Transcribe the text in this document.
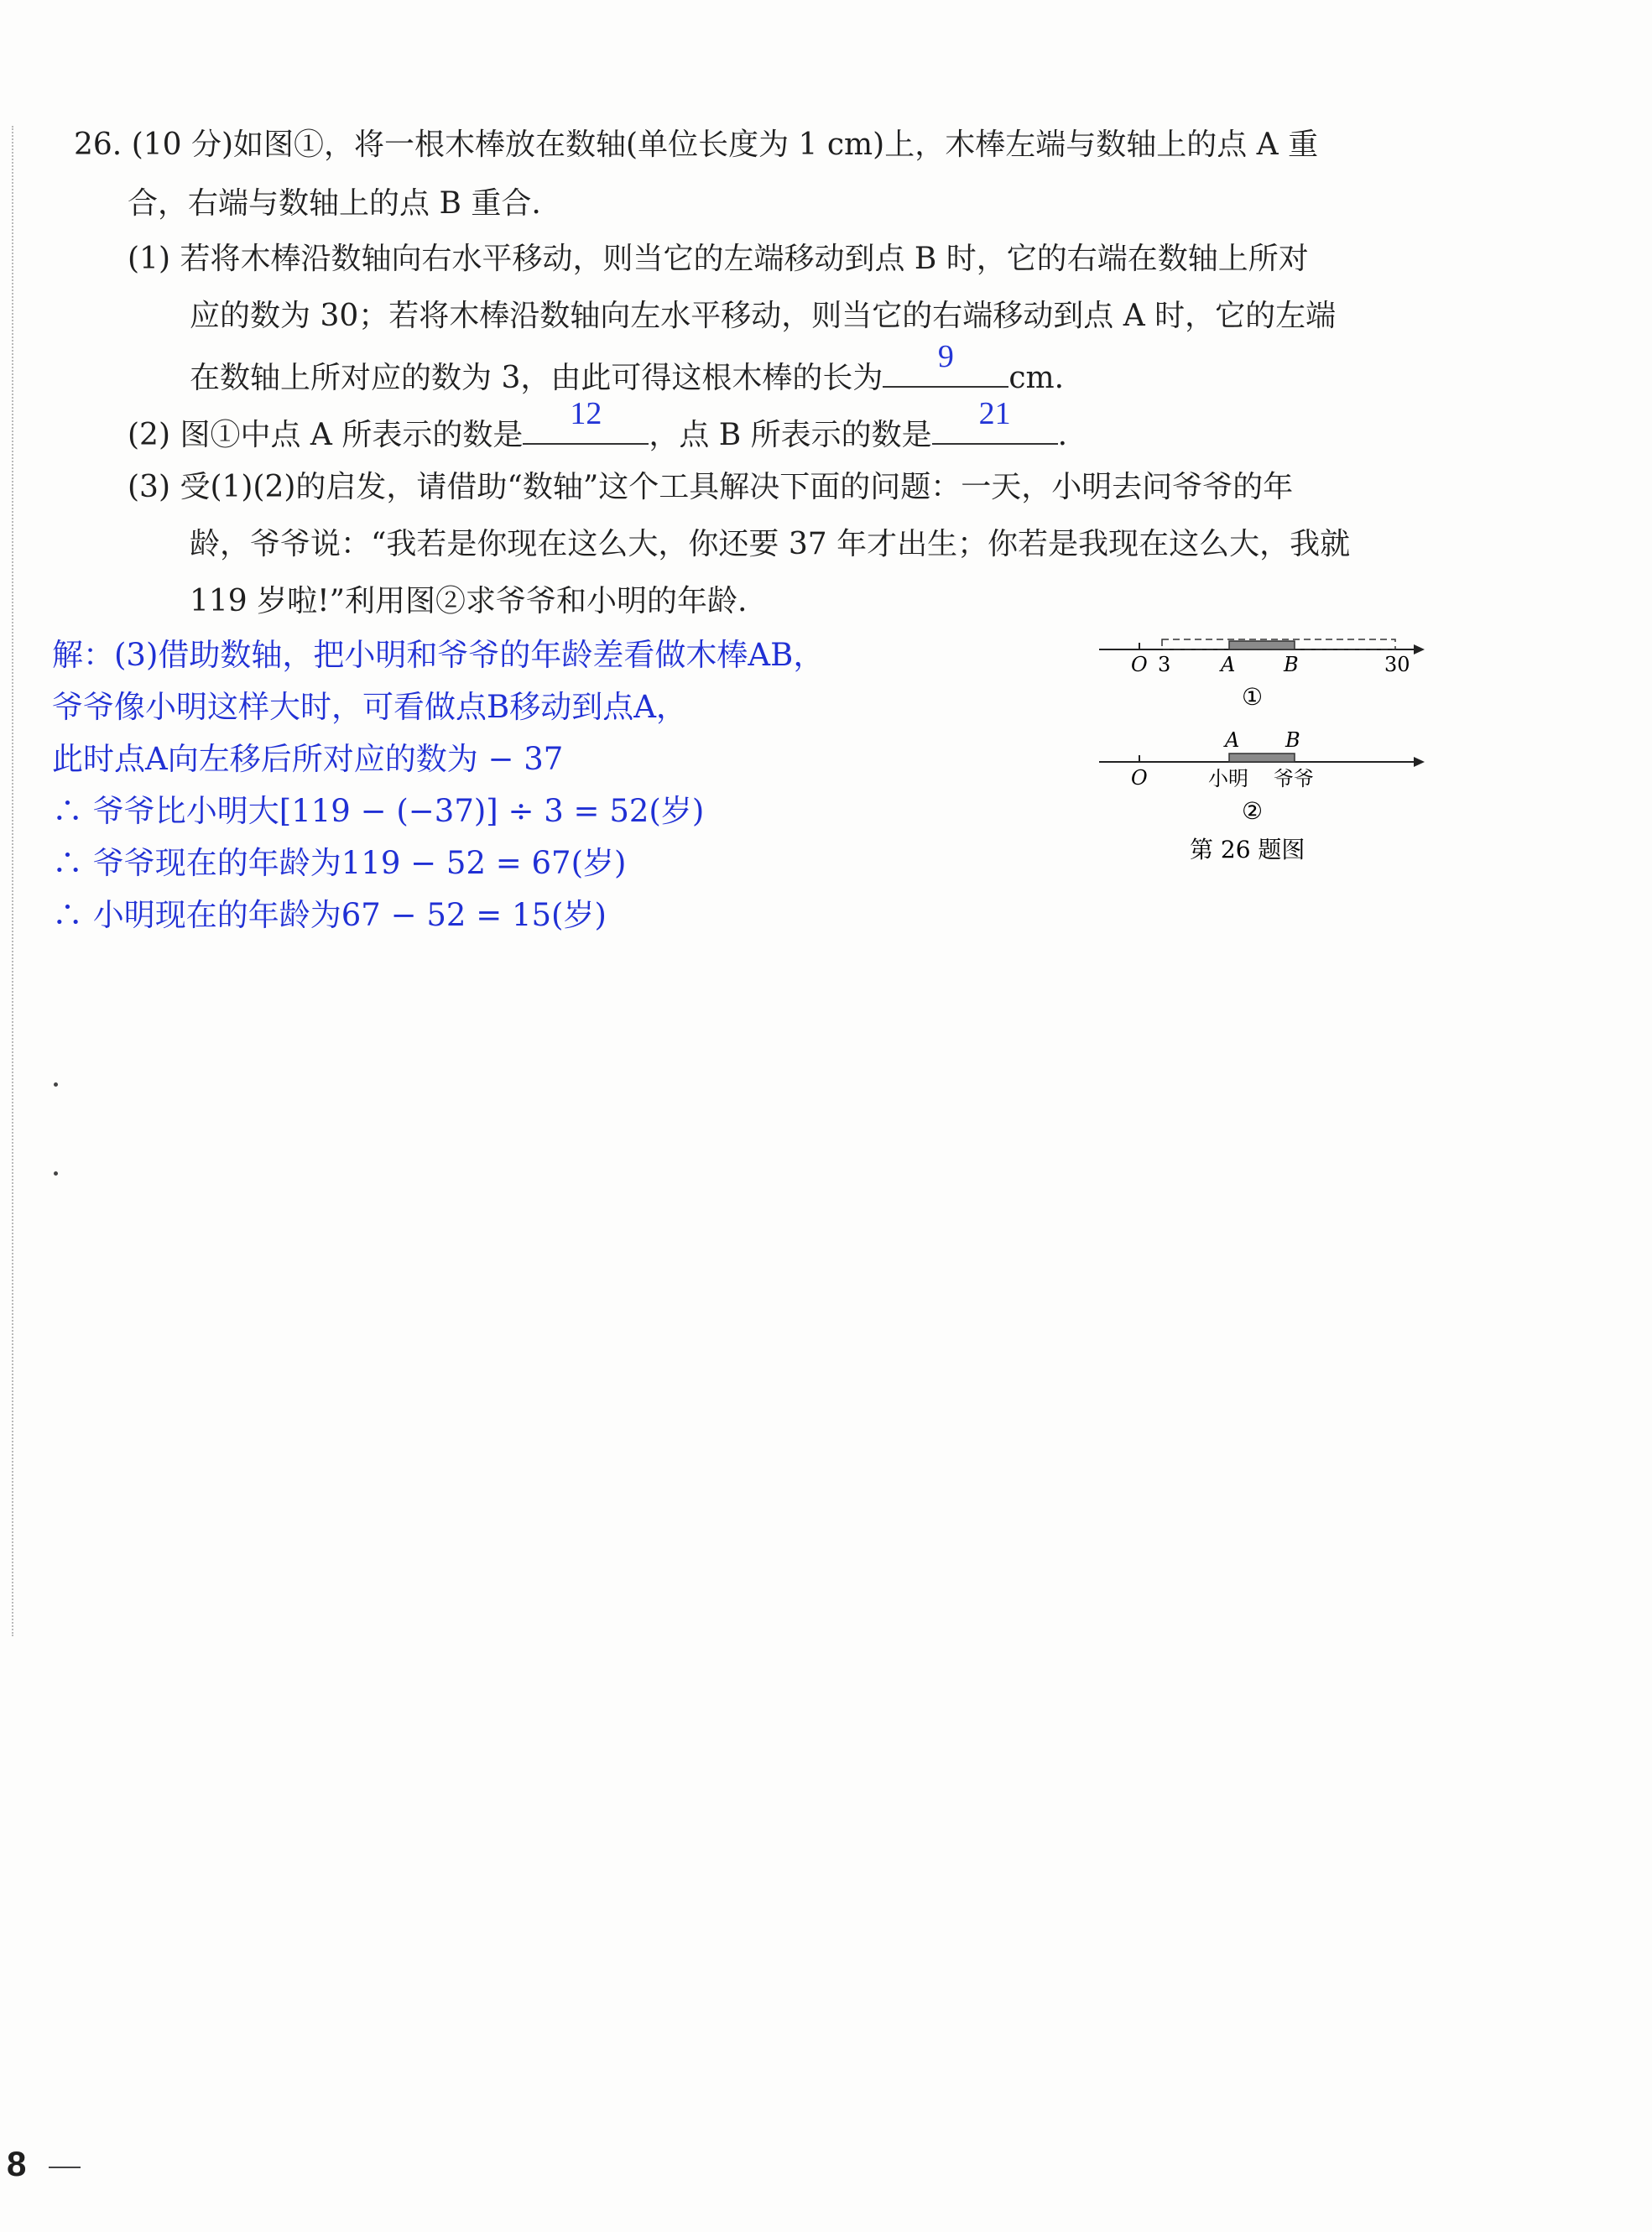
26. (10 分)如图①，将一根木棒放在数轴(单位长度为 1 cm)上，木棒左端与数轴上的点 A 重
合，右端与数轴上的点 B 重合.
(1) 若将木棒沿数轴向右水平移动，则当它的左端移动到点 B 时，它的右端在数轴上所对
应的数为 30；若将木棒沿数轴向左水平移动，则当它的右端移动到点 A 时，它的左端
在数轴上所对应的数为 3，由此可得这根木棒的长为
9
cm.
(2) 图①中点 A 所表示的数是
12
，点 B 所表示的数是
21
.
(3) 受(1)(2)的启发，请借助“数轴”这个工具解决下面的问题：一天，小明去问爷爷的年
龄，爷爷说：“我若是你现在这么大，你还要 37 年才出生；你若是我现在这么大，我就
119 岁啦!”利用图②求爷爷和小明的年龄.
解：(3)借助数轴，把小明和爷爷的年龄差看做木棒AB，
爷爷像小明这样大时，可看做点B移动到点A，
此时点A向左移后所对应的数为 − 37
∴ 爷爷比小明大[119 − (−37)] ÷ 3 = 52(岁)
∴ 爷爷现在的年龄为119 − 52 = 67(岁)
∴ 小明现在的年龄为67 − 52 = 15(岁)
O 3 A B	30
①
A B
O	小明 爷爷
②
第 26 题图
8
